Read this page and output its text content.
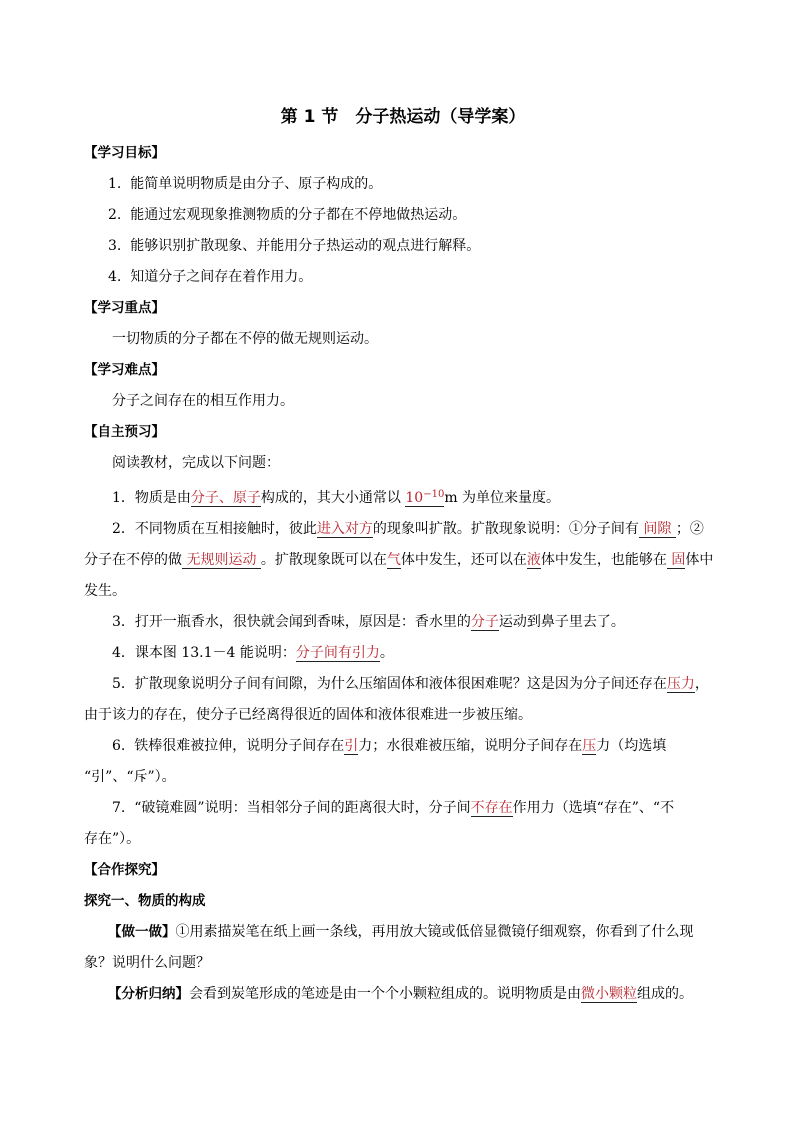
第 1 节　分子热运动（导学案）
【学习目标】
1. 能简单说明物质是由分子、原子构成的。
2. 能通过宏观现象推测物质的分子都在不停地做热运动。
3. 能够识别扩散现象、并能用分子热运动的观点进行解释。
4. 知道分子之间存在着作用力。
【学习重点】
一切物质的分子都在不停的做无规则运动。
【学习难点】
分子之间存在的相互作用力。
【自主预习】
阅读教材，完成以下问题：
1．物质是由分子、原子构成的，其大小通常以 $10^{-10}m$ 为单位来量度。
2．不同物质在互相接触时，彼此进入对方的现象叫扩散。扩散现象说明：①分子间有 间隙 ；②
分子在不停的做 无规则运动 。扩散现象既可以在气体中发生，还可以在液体中发生，也能够在 固体中
发生。
3．打开一瓶香水，很快就会闻到香味，原因是：香水里的分子运动到鼻子里去了。
4．课本图 13.1－4 能说明：分子间有引力。
5．扩散现象说明分子间有间隙，为什么压缩固体和液体很困难呢？这是因为分子间还存在压力，
由于该力的存在，使分子已经离得很近的固体和液体很难进一步被压缩。
6. 铁棒很难被拉伸，说明分子间存在引力；水很难被压缩，说明分子间存在压力（均选填
“引”、“斥”）。
7. “破镜难圆”说明：当相邻分子间的距离很大时，分子间不存在作用力（选填“存在”、“不
存在”）。
【合作探究】
探究一、物质的构成
【做一做】①用素描炭笔在纸上画一条线，再用放大镜或低倍显微镜仔细观察，你看到了什么现
象？说明什么问题？
【分析归纳】会看到炭笔形成的笔迹是由一个个小颗粒组成的。说明物质是由微小颗粒组成的。
